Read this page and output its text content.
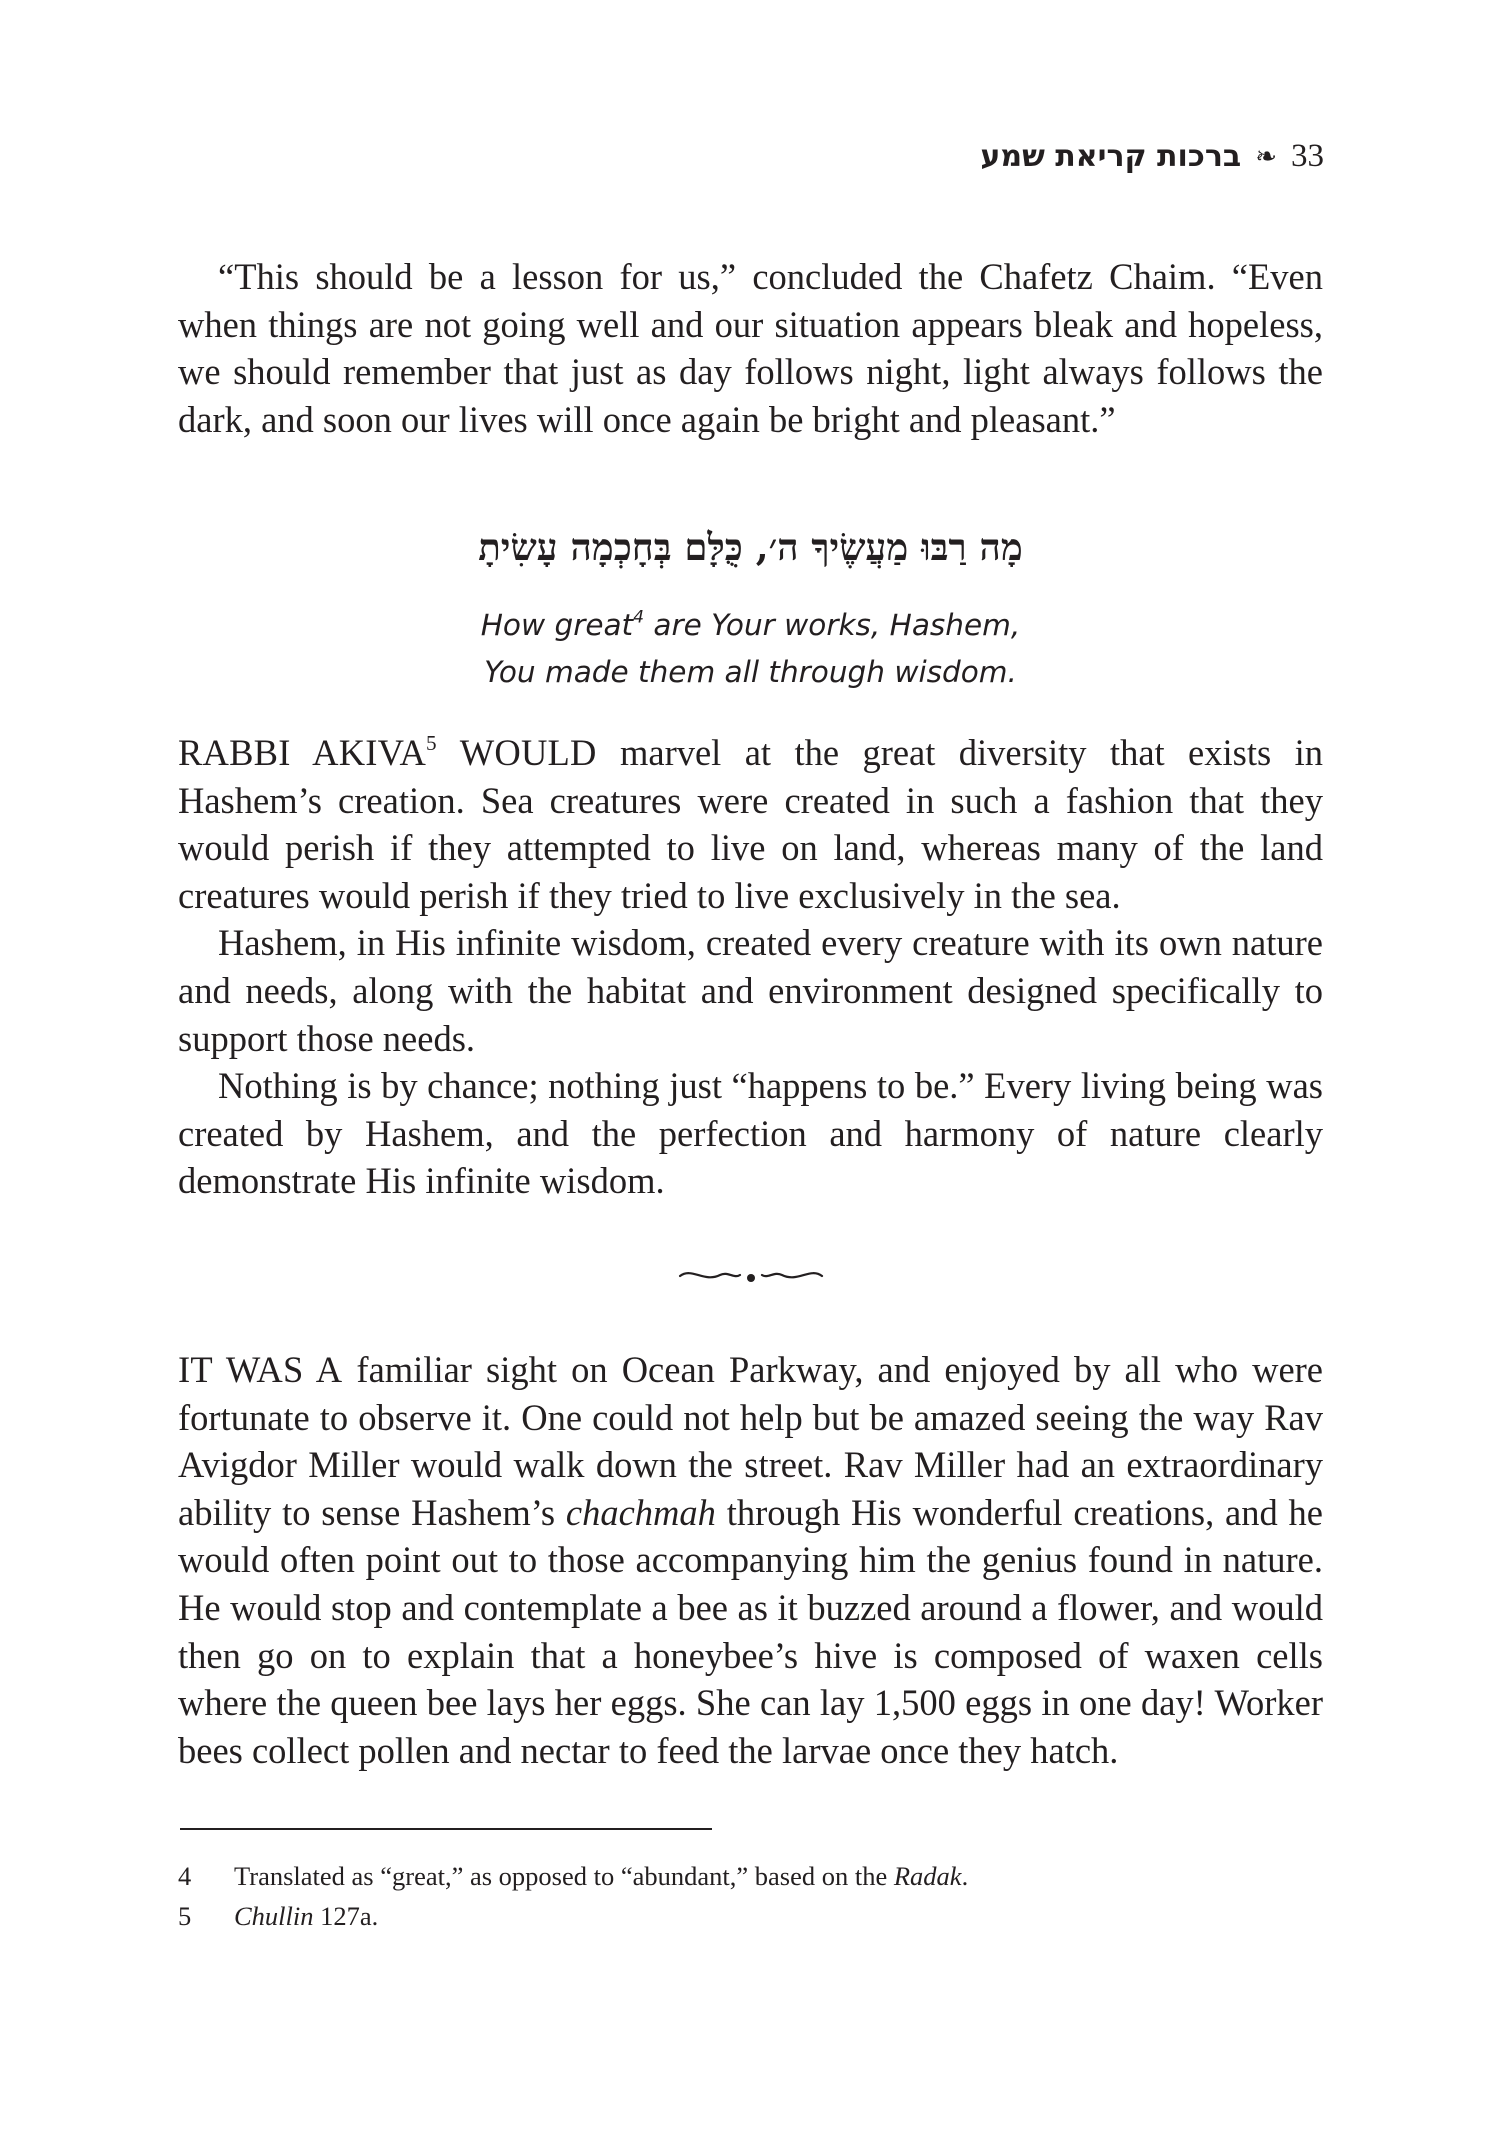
ברכות קריאת שמע ❧ 33

“This should be a lesson for us,” concluded the Chafetz Chaim. “Even when things are not going well and our situation appears bleak and hopeless, we should remember that just as day follows night, light always follows the dark, and soon our lives will once again be bright and pleasant.”

מָה רַבּוּ מַעֲשֶׂיךָ ה׳, כֻּלָּם בְּחָכְמָה עָשִׂיתָ
How great$^4$ are Your works, Hashem,
You made them all through wisdom.

RABBI AKIVA$^5$ WOULD marvel at the great diversity that exists in Hashem’s creation. Sea creatures were created in such a fashion that they would perish if they attempted to live on land, whereas many of the land creatures would perish if they tried to live exclusively in the sea.

Hashem, in His infinite wisdom, created every creature with its own nature and needs, along with the habitat and environment designed specifically to support those needs.

Nothing is by chance; nothing just “happens to be.” Every living being was created by Hashem, and the perfection and harmony of nature clearly demonstrate His infinite wisdom.

IT WAS A familiar sight on Ocean Parkway, and enjoyed by all who were fortunate to observe it. One could not help but be amazed seeing the way Rav Avigdor Miller would walk down the street. Rav Miller had an extraordinary ability to sense Hashem’s chachmah through His wonderful creations, and he would often point out to those accompanying him the genius found in nature. He would stop and contemplate a bee as it buzzed around a flower, and would then go on to explain that a honeybee’s hive is composed of waxen cells where the queen bee lays her eggs. She can lay 1,500 eggs in one day! Worker bees collect pollen and nectar to feed the larvae once they hatch.

4	Translated as “great,” as opposed to “abundant,” based on the Radak.
5	Chullin 127a.
